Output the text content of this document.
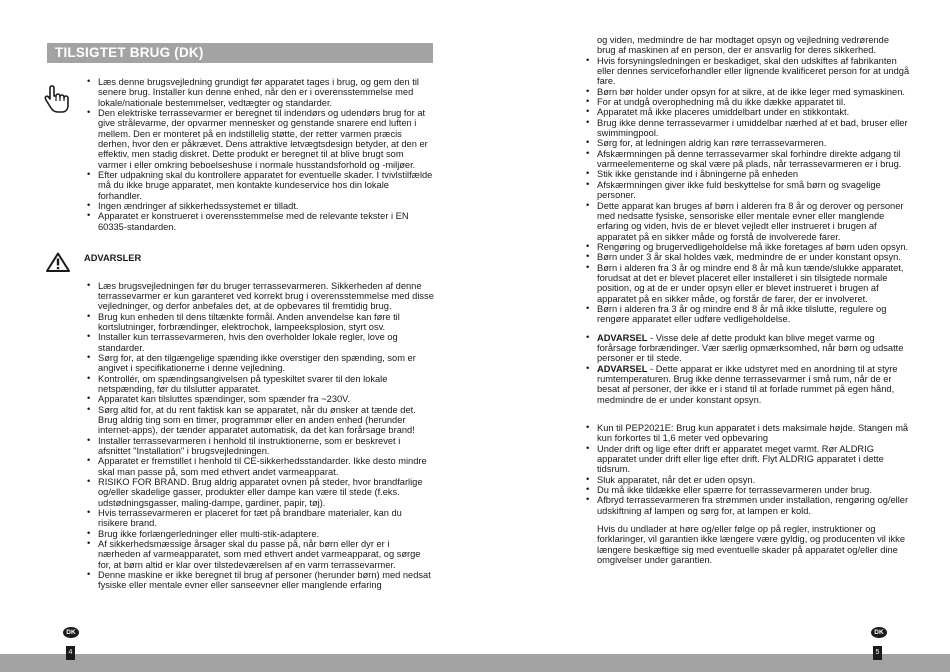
TILSIGTET BRUG (DK)
• Læs denne brugsvejledning grundigt før apparatet tages i brug, og gem den til senere brug. Installer kun denne enhed, når den er i overensstemmelse med lokale/nationale bestemmelser, vedtægter og standarder.
• Den elektriske terrassevarmer er beregnet til indendørs og udendørs brug for at give strålevarme, der opvarmer mennesker og genstande snarere end luften i mellem. Den er monteret på en indstillelig støtte, der retter varmen præcis derhen, hvor den er påkrævet. Dens attraktive letvægtsdesign betyder, at den er effektiv, men stadig diskret. Dette produkt er beregnet til at blive brugt som varmer i eller omkring beboelseshuse i normale husstandsforhold og -miljøer.
• Efter udpakning skal du kontrollere apparatet for eventuelle skader. I tvivlstilfælde må du ikke bruge apparatet, men kontakte kundeservice hos din lokale forhandler.
• Ingen ændringer af sikkerhedssystemet er tilladt.
• Apparatet er konstrueret i overensstemmelse med de relevante tekster i EN 60335-standarden.
ADVARSLER
• Læs brugsvejledningen før du bruger terrassevarmeren. Sikkerheden af denne terrassevarmer er kun garanteret ved korrekt brug i overensstemmelse med disse vejledninger, og derfor anbefales det, at de opbevares til fremtidig brug.
• Brug kun enheden til dens tiltænkte formål. Anden anvendelse kan føre til kortslutninger, forbrændinger, elektrochok, lampeeksplosion, styrt osv.
• Installer kun terrassevarmeren, hvis den overholder lokale regler, love og standarder.
• Sørg for, at den tilgængelige spænding ikke overstiger den spænding, som er angivet i specifikationerne i denne vejledning.
• Kontrollér, om spændingsangivelsen på typeskiltet svarer til den lokale netspænding, før du tilslutter apparatet.
• Apparatet kan tilsluttes spændinger, som spænder fra ~230V.
• Sørg altid for, at du rent faktisk kan se apparatet, når du ønsker at tænde det. Brug aldrig ting som en timer, programmør eller en anden enhed (herunder internet-apps), der tænder apparatet automatisk, da det kan forårsage brand!
• Installer terrassevarmeren i henhold til instruktionerne, som er beskrevet i afsnittet "Installation" i brugsvejledningen.
• Apparatet er fremstillet i henhold til CE-sikkerhedsstandarder. Ikke desto mindre skal man passe på, som med ethvert andet varmeapparat.
• RISIKO FOR BRAND. Brug aldrig apparatet ovnen på steder, hvor brandfarlige og/eller skadelige gasser, produkter eller dampe kan være til stede (f.eks. udstødningsgasser, maling-dampe, gardiner, papir, tøj).
• Hvis terrassevarmeren er placeret for tæt på brandbare materialer, kan du risikere brand.
• Brug ikke forlængerledninger eller multi-stik-adaptere.
• Af sikkerhedsmæssige årsager skal du passe på, når børn eller dyr er i nærheden af varmeapparatet, som med ethvert andet varmeapparat, og sørge for, at børn altid er klar over tilstedeværelsen af en varm terrassevarmer.
• Denne maskine er ikke beregnet til brug af personer (herunder børn) med nedsat fysiske eller mentale evner eller sanseevner eller manglende erfaring
og viden, medmindre de har modtaget opsyn og vejledning vedrørende brug af maskinen af en person, der er ansvarlig for deres sikkerhed.
• Hvis forsyningsledningen er beskadiget, skal den udskiftes af fabrikanten eller dennes serviceforhandler eller lignende kvalificeret person for at undgå fare.
• Børn bør holder under opsyn for at sikre, at de ikke leger med symaskinen.
• For at undgå overophedning må du ikke dække apparatet til.
• Apparatet må ikke placeres umiddelbart under en stikkontakt.
• Brug ikke denne terrassevarmer i umiddelbar nærhed af et bad, bruser eller swimmingpool.
• Sørg for, at ledningen aldrig kan røre terrassevarmeren.
• Afskærmningen på denne terrassevarmer skal forhindre direkte adgang til varmeelementerne og skal være på plads, når terrassevarmeren er i brug.
• Stik ikke genstande ind i åbningerne på enheden
• Afskærmningen giver ikke fuld beskyttelse for små børn og svagelige personer.
• Dette apparat kan bruges af børn i alderen fra 8 år og derover og personer med nedsatte fysiske, sensoriske eller mentale evner eller manglende erfaring og viden, hvis de er blevet vejledt eller instrueret i brugen af apparatet på en sikker måde og forstå de involverede farer.
• Rengøring og brugervedligeholdelse må ikke foretages af børn uden opsyn.
• Børn under 3 år skal holdes væk, medmindre de er under konstant opsyn.
• Børn i alderen fra 3 år og mindre end 8 år må kun tænde/slukke apparatet, forudsat at det er blevet placeret eller installeret i sin tilsigtede normale position, og at de er under opsyn eller er blevet instrueret i brugen af apparatet på en sikker måde, og forstår de farer, der er involveret.
• Børn i alderen fra 3 år og mindre end 8 år må ikke tilslutte, regulere og rengøre apparatet eller udføre vedligeholdelse.
• ADVARSEL - Visse dele af dette produkt kan blive meget varme og forårsage forbrændinger. Vær særlig opmærksomhed, når børn og udsatte personer er til stede.
• ADVARSEL - Dette apparat er ikke udstyret med en anordning til at styre rumtemperaturen. Brug ikke denne terrassevarmer i små rum, når de er besat af personer, der ikke er i stand til at forlade rummet på egen hånd, medmindre de er under konstant opsyn.
• Kun til PEP2021E: Brug kun apparatet i dets maksimale højde. Stangen må kun forkortes til 1,6 meter ved opbevaring
• Under drift og lige efter drift er apparatet meget varmt. Rør ALDRIG apparatet under drift eller lige efter drift. Flyt ALDRIG apparatet i dette tidsrum.
• Sluk apparatet, når det er uden opsyn.
• Du må ikke tildække eller spærre for terrassevarmeren under brug.
• Afbryd terrassevarmeren fra strømmen under installation, rengøring og/eller udskiftning af lampen og sørg for, at lampen er kold.
Hvis du undlader at høre og/eller følge op på regler, instruktioner og forklaringer, vil garantien ikke længere være gyldig, og producenten vil ikke længere beskæftige sig med eventuelle skader på apparatet og/eller dine omgivelser under garantien.
DK	DK
4	5
